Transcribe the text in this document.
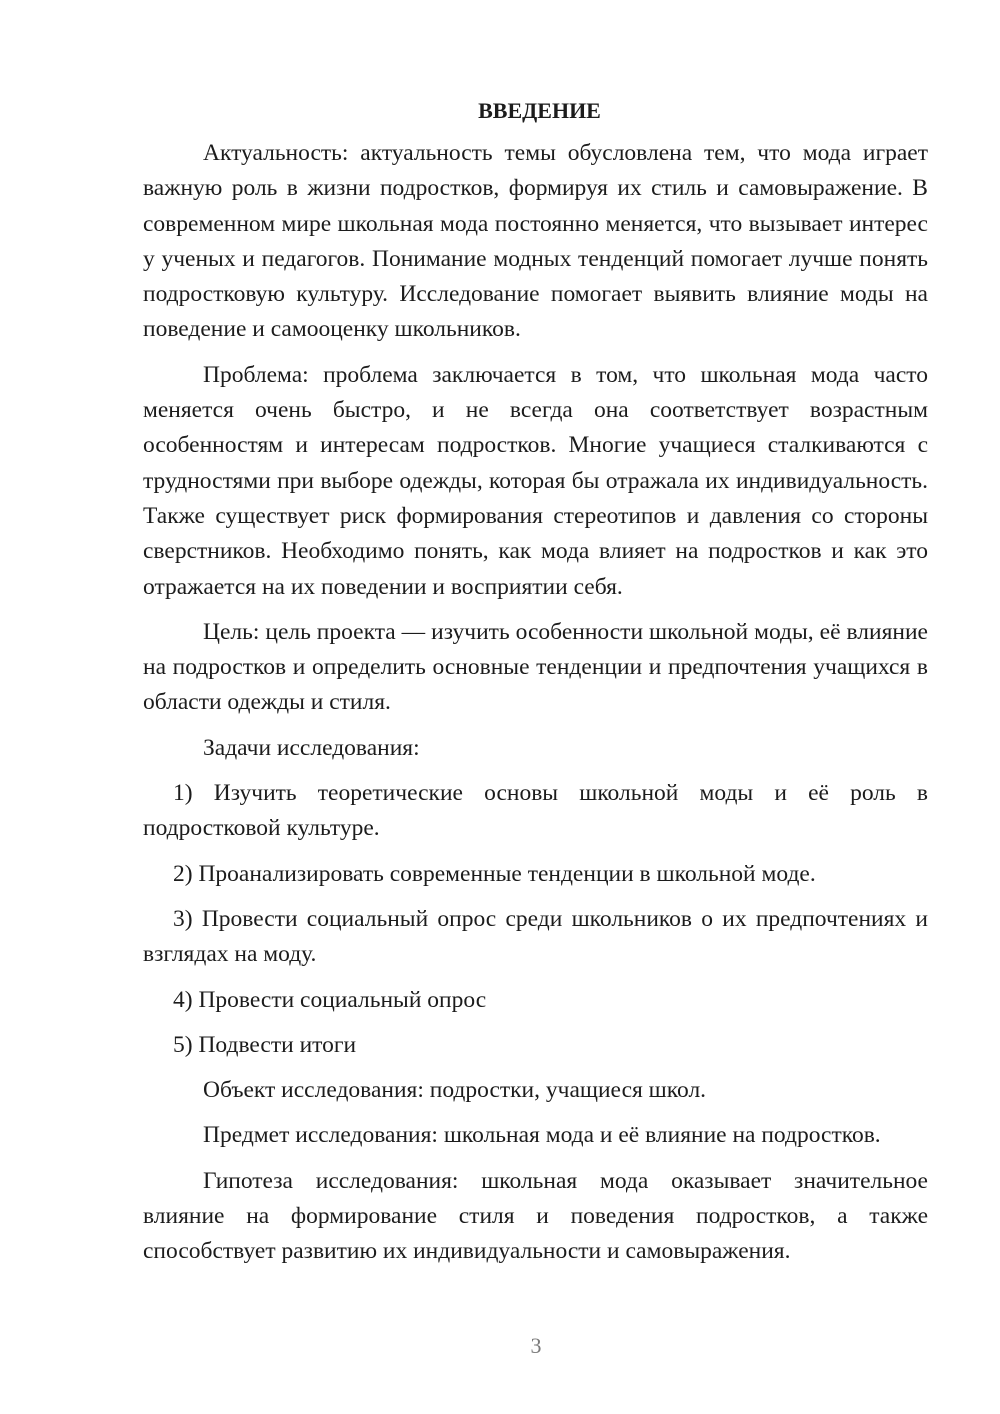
ВВЕДЕНИЕ

Актуальность: актуальность темы обусловлена тем, что мода играет важную роль в жизни подростков, формируя их стиль и самовыражение. В современном мире школьная мода постоянно меняется, что вызывает интерес у ученых и педагогов. Понимание модных тенденций помогает лучше понять подростковую культуру. Исследование помогает выявить влияние моды на поведение и самооценку школьников.

Проблема: проблема заключается в том, что школьная мода часто меняется очень быстро, и не всегда она соответствует возрастным особенностям и интересам подростков. Многие учащиеся сталкиваются с трудностями при выборе одежды, которая бы отражала их индивидуальность. Также существует риск формирования стереотипов и давления со стороны сверстников. Необходимо понять, как мода влияет на подростков и как это отражается на их поведении и восприятии себя.

Цель: цель проекта — изучить особенности школьной моды, её влияние на подростков и определить основные тенденции и предпочтения учащихся в области одежды и стиля.

Задачи исследования:

1) Изучить теоретические основы школьной моды и её роль в подростковой культуре.

2) Проанализировать современные тенденции в школьной моде.

3) Провести социальный опрос среди школьников о их предпочтениях и взглядах на моду.

4) Провести социальный опрос

5) Подвести итоги

Объект исследования: подростки, учащиеся школ.

Предмет исследования: школьная мода и её влияние на подростков.

Гипотеза исследования: школьная мода оказывает значительное влияние на формирование стиля и поведения подростков, а также способствует развитию их индивидуальности и самовыражения.

3
